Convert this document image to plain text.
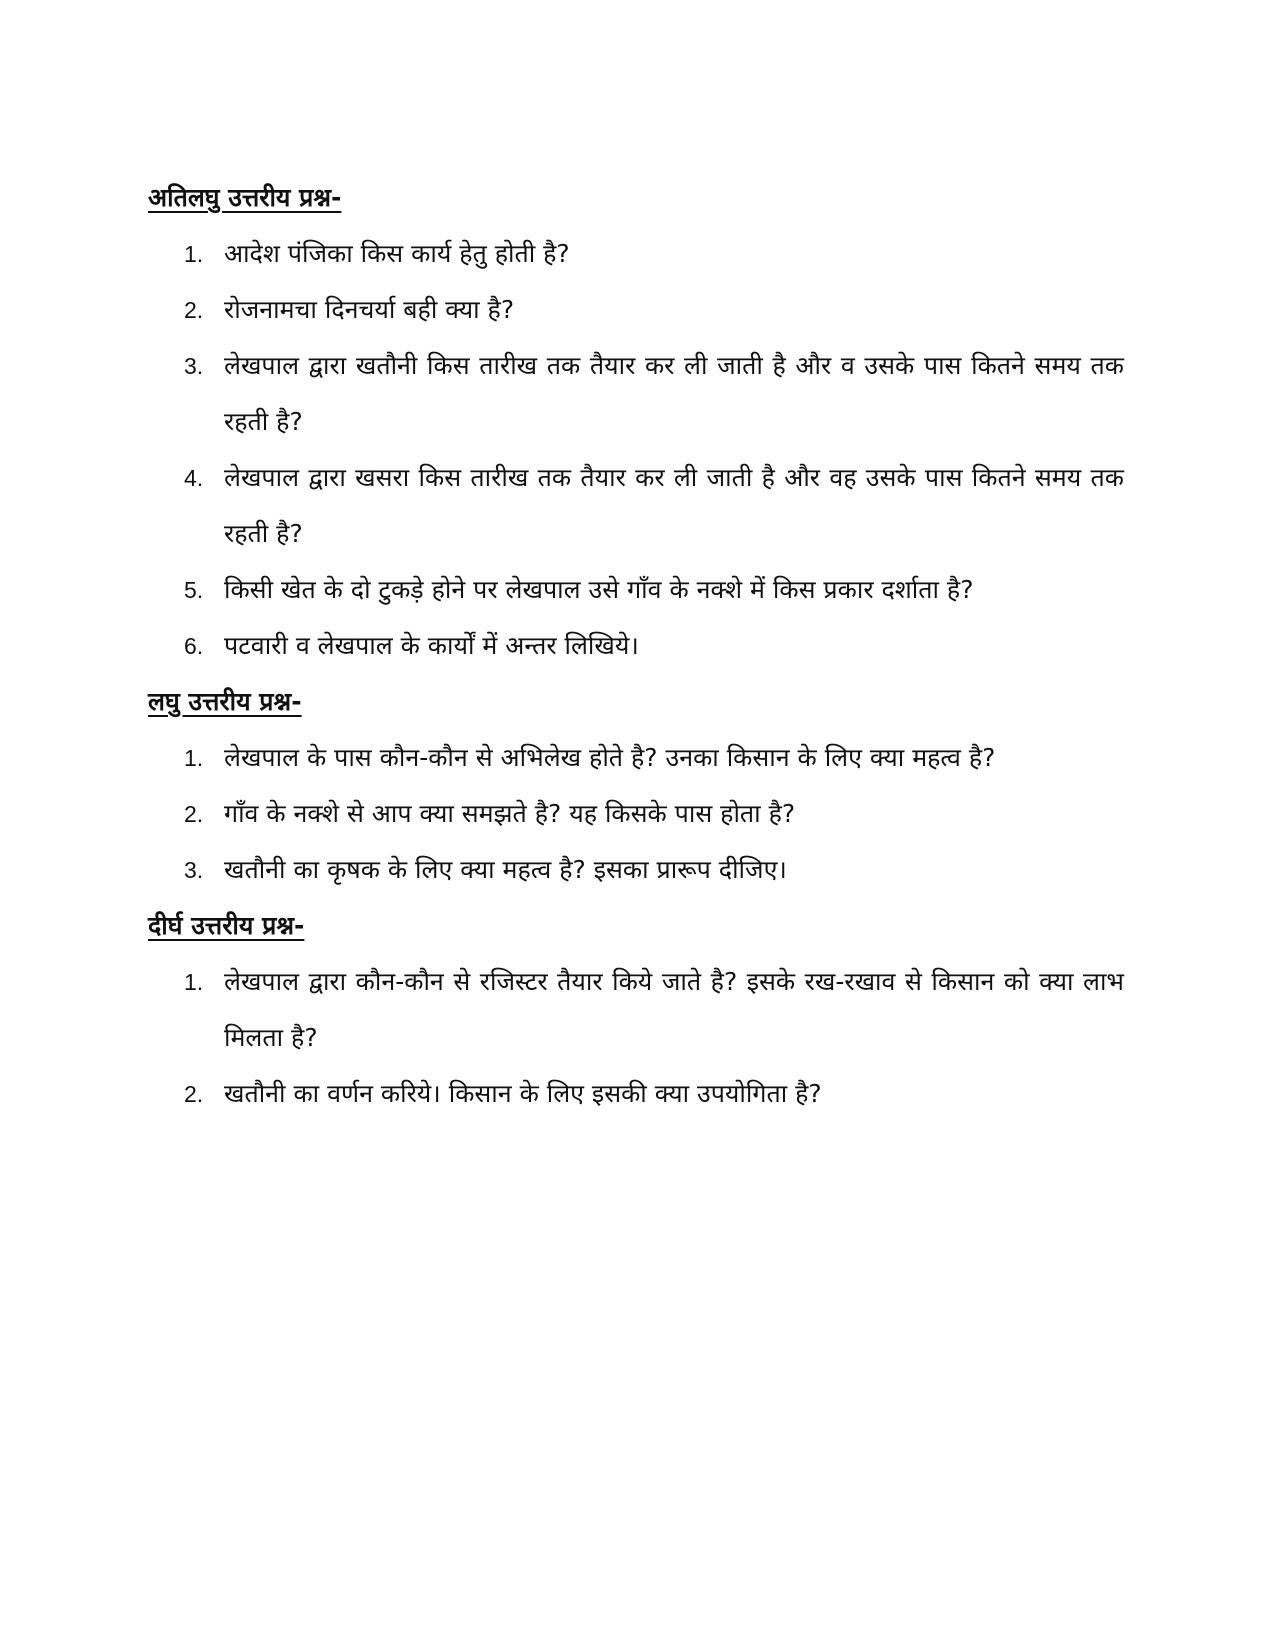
अतिलघु उत्तरीय प्रश्न-
1. आदेश पंजिका किस कार्य हेतु होती है?
2. रोजनामचा दिनचर्या बही क्या है?
3. लेखपाल द्वारा खतौनी किस तारीख तक तैयार कर ली जाती है और व उसके पास कितने समय तक रहती है?
4. लेखपाल द्वारा खसरा किस तारीख तक तैयार कर ली जाती है और वह उसके पास कितने समय तक रहती है?
5. किसी खेत के दो टुकड़े होने पर लेखपाल उसे गाँव के नक्शे में किस प्रकार दर्शाता है?
6. पटवारी व लेखपाल के कार्यों में अन्तर लिखिये।
लघु उत्तरीय प्रश्न-
1. लेखपाल के पास कौन-कौन से अभिलेख होते है? उनका किसान के लिए क्या महत्व है?
2. गाँव के नक्शे से आप क्या समझते है? यह किसके पास होता है?
3. खतौनी का कृषक के लिए क्या महत्व है? इसका प्रारूप दीजिए।
दीर्घ उत्तरीय प्रश्न-
1. लेखपाल द्वारा कौन-कौन से रजिस्टर तैयार किये जाते है? इसके रख-रखाव से किसान को क्या लाभ मिलता है?
2. खतौनी का वर्णन करिये। किसान के लिए इसकी क्या उपयोगिता है?
